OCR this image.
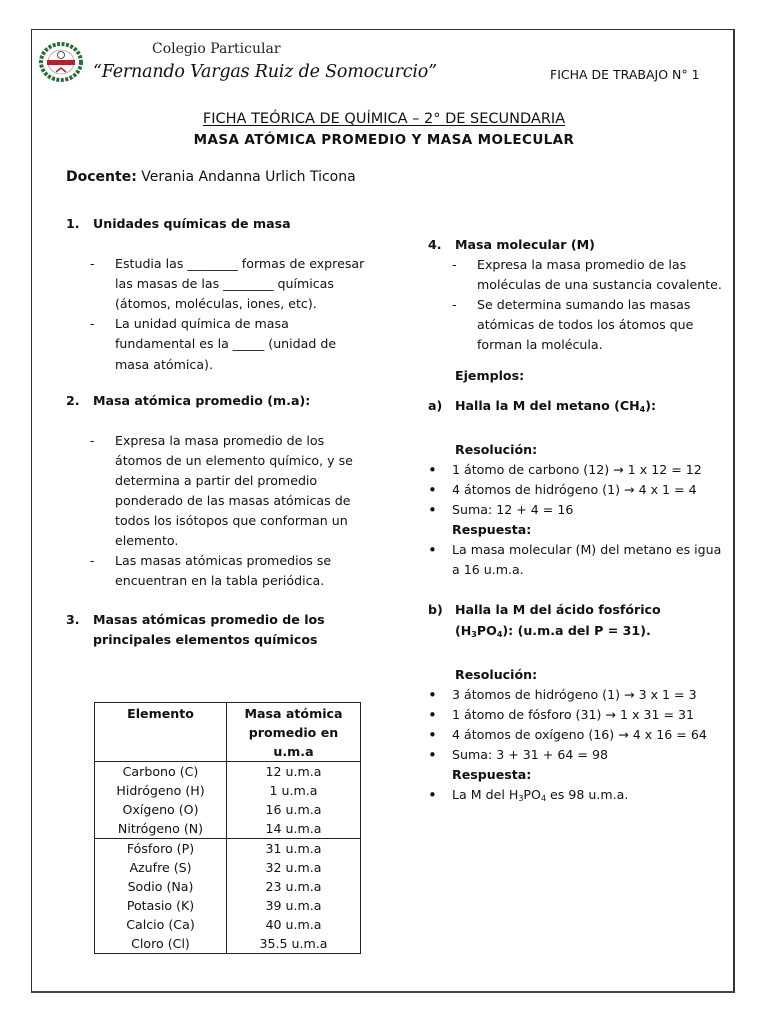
Colegio Particular
“Fernando Vargas Ruiz de Somocurcio”	FICHA DE TRABAJO N° 1
FICHA TEÓRICA DE QUÍMICA – 2° DE SECUNDARIA
MASA ATÓMICA PROMEDIO Y MASA MOLECULAR
Docente: Verania Andanna Urlich Ticona
1.	Unidades químicas de masa
-	Estudia las ________ formas de expresar las masas de las ________ químicas (átomos, moléculas, iones, etc).
-	La unidad química de masa fundamental es la _____ (unidad de masa atómica).
2.	Masa atómica promedio (m.a):
-	Expresa la masa promedio de los átomos de un elemento químico, y se determina a partir del promedio ponderado de las masas atómicas de todos los isótopos que conforman un elemento.
-	Las masas atómicas promedios se encuentran en la tabla periódica.
3.	Masas atómicas promedio de los principales elementos químicos
Elemento	Masa atómica promedio en u.m.a
Carbono (C)	12 u.m.a
Hidrógeno (H)	1 u.m.a
Oxígeno (O)	16 u.m.a
Nitrógeno (N)	14 u.m.a
Fósforo (P)	31 u.m.a
Azufre (S)	32 u.m.a
Sodio (Na)	23 u.m.a
Potasio (K)	39 u.m.a
Calcio (Ca)	40 u.m.a
Cloro (Cl)	35.5 u.m.a
4.	Masa molecular (M)
-	Expresa la masa promedio de las moléculas de una sustancia covalente.
-	Se determina sumando las masas atómicas de todos los átomos que forman la molécula.
Ejemplos:
a)	Halla la M del metano $(CH_4)$:
Resolución:
•	1 átomo de carbono (12) → 1 x 12 = 12
•	4 átomos de hidrógeno (1) → 4 x 1 = 4
•	Suma: 12 + 4 = 16
Respuesta:
•	La masa molecular (M) del metano es igua a 16 u.m.a.
b) Halla la M del ácido fosfórico
$(H_3PO_4)$: (u.m.a del P = 31).
Resolución:
•	3 átomos de hidrógeno (1) → 3 x 1 = 3
•	1 átomo de fósforo (31) → 1 x 31 = 31
•	4 átomos de oxígeno (16) → 4 x 16 = 64
•	Suma: 3 + 31 + 64 = 98
Respuesta:
•	La M del $H_3PO_4$ es 98 u.m.a.
